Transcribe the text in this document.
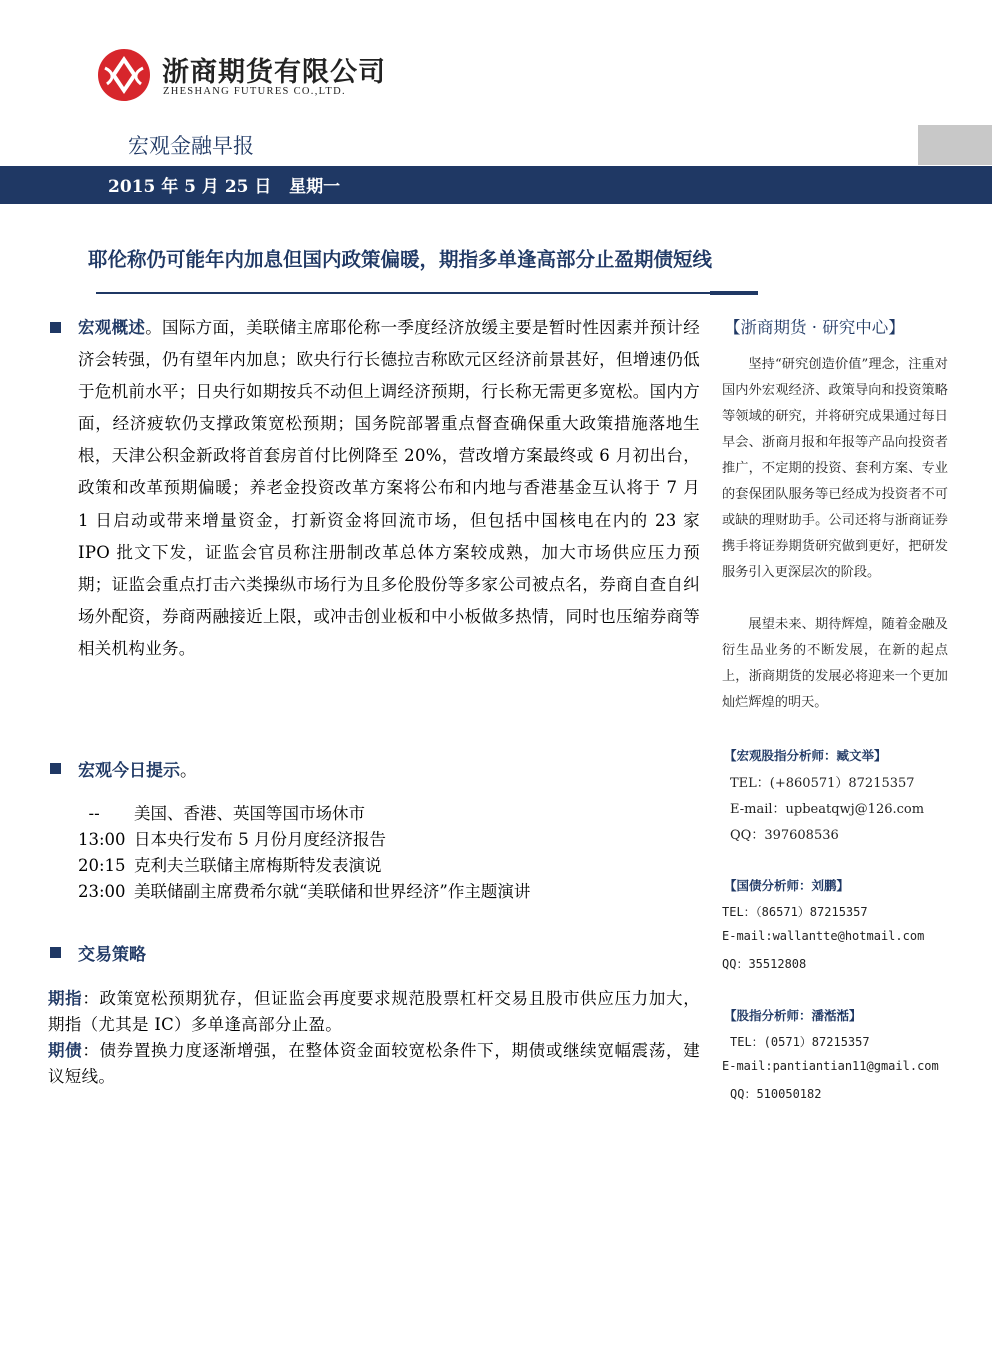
浙商期货有限公司
ZHESHANG FUTURES CO.,LTD.
宏观金融早报
2015 年 5 月 25 日   星期一
耶伦称仍可能年内加息但国内政策偏暖，期指多单逢高部分止盈期债短线
宏观概述。国际方面，美联储主席耶伦称一季度经济放缓主要是暂时性因素并预计经济会转强，仍有望年内加息；欧央行行长德拉吉称欧元区经济前景甚好，但增速仍低于危机前水平；日央行如期按兵不动但上调经济预期，行长称无需更多宽松。国内方面，经济疲软仍支撑政策宽松预期；国务院部署重点督查确保重大政策措施落地生根，天津公积金新政将首套房首付比例降至 20%，营改增方案最终或 6 月初出台，政策和改革预期偏暖；养老金投资改革方案将公布和内地与香港基金互认将于 7 月 1 日启动或带来增量资金，打新资金将回流市场，但包括中国核电在内的 23 家 IPO 批文下发，证监会官员称注册制改革总体方案较成熟，加大市场供应压力预期；证监会重点打击六类操纵市场行为且多伦股份等多家公司被点名，券商自查自纠场外配资，券商两融接近上限，或冲击创业板和中小板做多热情，同时也压缩券商等相关机构业务。
宏观今日提示。
--  美国、香港、英国等国市场休市
13:00 日本央行发布 5 月份月度经济报告
20:15 克利夫兰联储主席梅斯特发表演说
23:00 美联储副主席费希尔就“美联储和世界经济”作主题演讲
交易策略
期指：政策宽松预期犹存，但证监会再度要求规范股票杠杆交易且股市供应压力加大，期指（尤其是 IC）多单逢高部分止盈。
期债：债券置换力度逐渐增强，在整体资金面较宽松条件下，期债或继续宽幅震荡，建议短线。
【浙商期货 · 研究中心】
坚持“研究创造价值”理念，注重对国内外宏观经济、政策导向和投资策略等领域的研究，并将研究成果通过每日早会、浙商月报和年报等产品向投资者推广，不定期的投资、套利方案、专业的套保团队服务等已经成为投资者不可或缺的理财助手。公司还将与浙商证券携手将证券期货研究做到更好，把研发服务引入更深层次的阶段。
展望未来、期待辉煌，随着金融及衍生品业务的不断发展，在新的起点上，浙商期货的发展必将迎来一个更加灿烂辉煌的明天。
【宏观股指分析师：臧文举】
TEL：(+860571）87215357
E-mail：upbeatqwj@126.com
QQ：397608536
【国债分析师：刘鹏】
TEL：（86571）87215357
E-mail:wallantte@hotmail.com
QQ：35512808
【股指分析师：潘湉湉】
TEL：(0571）87215357
E-mail:pantiantian11@gmail.com
QQ：510050182
